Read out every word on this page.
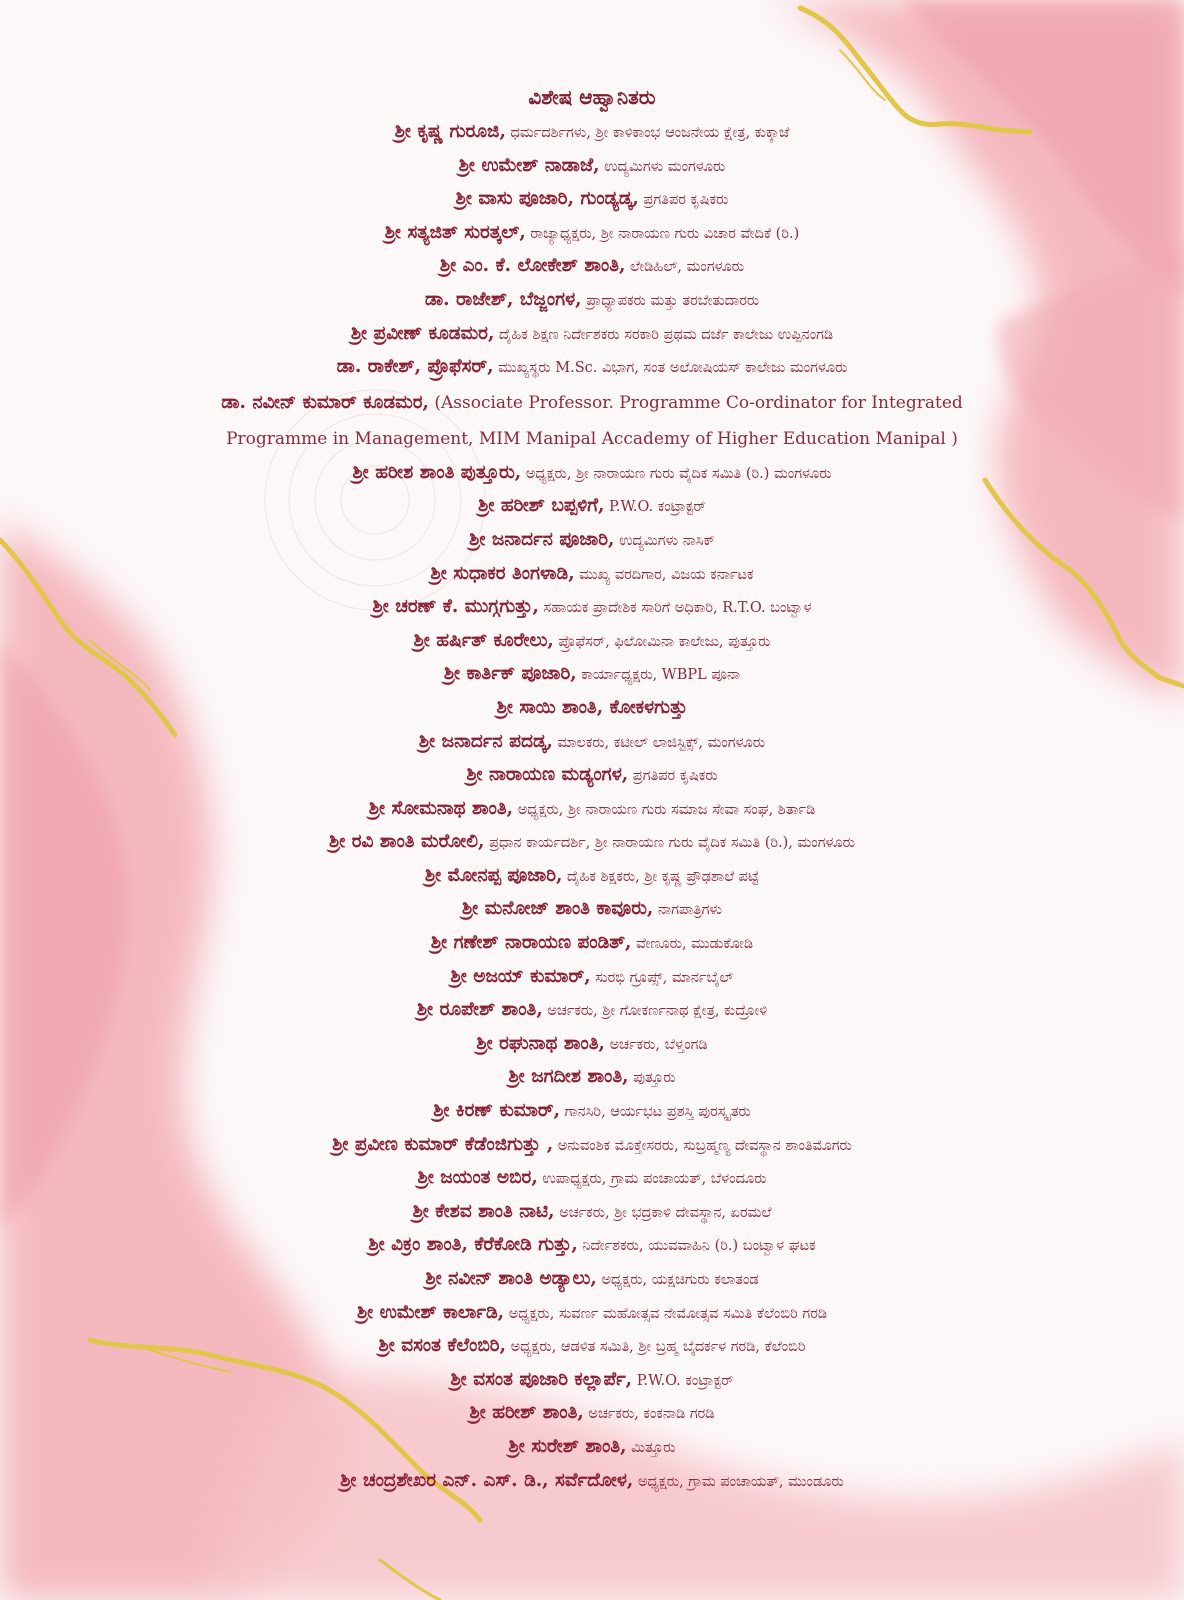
ವಿಶೇಷ ಆಹ್ವಾನಿತರು
ಶ್ರೀ ಕೃಷ್ಣ ಗುರೂಜಿ, ಧರ್ಮದರ್ಶಿಗಳು, ಶ್ರೀ ಕಾಳಿಕಾಂಭ ಆಂಜನೇಯ ಕ್ಷೇತ್ರ, ಕುಕ್ಕಾಜೆ
ಶ್ರೀ ಉಮೇಶ್ ನಾಡಾಜೆ, ಉದ್ಯಮಿಗಳು ಮಂಗಳೂರು
ಶ್ರೀ ವಾಸು ಪೂಜಾರಿ, ಗುಂಡ್ಯಡ್ಕ, ಪ್ರಗತಿಪರ ಕೃಷಿಕರು
ಶ್ರೀ ಸತ್ಯಜಿತ್ ಸುರತ್ಕಲ್, ರಾಜ್ಯಾಧ್ಯಕ್ಷರು, ಶ್ರೀ ನಾರಾಯಣ ಗುರು ವಿಚಾರ ವೇದಿಕೆ (ರಿ.)
ಶ್ರೀ ಎಂ. ಕೆ. ಲೋಕೇಶ್ ಶಾಂತಿ, ಲೇಡಿಹಿಲ್, ಮಂಗಳೂರು
ಡಾ. ರಾಜೇಶ್, ಬೆಜ್ಜಂಗಳ, ಪ್ರಾಧ್ಯಾಪಕರು ಮತ್ತು ತರಬೇತುದಾರರು
ಶ್ರೀ ಪ್ರವೀಣ್ ಕೂಡಮರ, ದೈಹಿಕ ಶಿಕ್ಷಣ ನಿರ್ದೇಶಕರು ಸರಕಾರಿ ಪ್ರಥಮ ದರ್ಜೆ ಕಾಲೇಜು ಉಪ್ಪಿನಂಗಡಿ
ಡಾ. ರಾಕೇಶ್, ಪ್ರೊಫೆಸರ್, ಮುಖ್ಯಸ್ಥರು M.Sc. ವಿಭಾಗ, ಸಂತ ಅಲೋಷಿಯಸ್ ಕಾಲೇಜು ಮಂಗಳೂರು
ಡಾ. ನವೀನ್ ಕುಮಾರ್ ಕೂಡಮರ, (Associate Professor. Programme Co-ordinator for Integrated Programme in Management, MIM Manipal Accademy of Higher Education Manipal )
ಶ್ರೀ ಹರೀಶ ಶಾಂತಿ ಪುತ್ತೂರು, ಅಧ್ಯಕ್ಷರು, ಶ್ರೀ ನಾರಾಯಣ ಗುರು ವೈದಿಕ ಸಮಿತಿ (ರಿ.) ಮಂಗಳೂರು
ಶ್ರೀ ಹರೀಶ್ ಬಪ್ಪಳಿಗೆ, P.W.O. ಕಂಟ್ರಾಕ್ಟರ್
ಶ್ರೀ ಜನಾರ್ದನ ಪೂಜಾರಿ, ಉದ್ಯಮಿಗಳು ನಾಸಿಕ್
ಶ್ರೀ ಸುಧಾಕರ ತಿಂಗಳಾಡಿ, ಮುಖ್ಯ ವರದಿಗಾರ, ವಿಜಯ ಕರ್ನಾಟಕ
ಶ್ರೀ ಚರಣ್ ಕೆ. ಮುಗ್ಗಗುತ್ತು, ಸಹಾಯಕ ಪ್ರಾದೇಶಿಕ ಸಾರಿಗೆ ಅಧಿಕಾರಿ, R.T.O. ಬಂಟ್ವಾಳ
ಶ್ರೀ ಹರ್ಷಿತ್ ಕೂರೇಲು, ಪ್ರೊಫೆಸರ್, ಫಿಲೋಮಿನಾ ಕಾಲೇಜು, ಪುತ್ತೂರು
ಶ್ರೀ ಕಾರ್ತಿಕ್ ಪೂಜಾರಿ, ಕಾರ್ಯಾಧ್ಯಕ್ಷರು, WBPL ಪೂನಾ
ಶ್ರೀ ಸಾಯಿ ಶಾಂತಿ, ಕೋಕಳಗುತ್ತು
ಶ್ರೀ ಜನಾರ್ದನ ಪದಡ್ಕ, ಮಾಲಕರು, ಕಟೀಲ್ ಲಾಜಿಸ್ಟಿಕ್ಸ್, ಮಂಗಳೂರು
ಶ್ರೀ ನಾರಾಯಣ ಮಡ್ಯಂಗಳ, ಪ್ರಗತಿಪರ ಕೃಷಿಕರು
ಶ್ರೀ ಸೋಮನಾಥ ಶಾಂತಿ, ಅಧ್ಯಕ್ಷರು, ಶ್ರೀ ನಾರಾಯಣ ಗುರು ಸಮಾಜ ಸೇವಾ ಸಂಘ, ಶಿರ್ತಾಡಿ
ಶ್ರೀ ರವಿ ಶಾಂತಿ ಮರೋಲಿ, ಪ್ರಧಾನ ಕಾರ್ಯದರ್ಶಿ, ಶ್ರೀ ನಾರಾಯಣ ಗುರು ವೈದಿಕ ಸಮಿತಿ (ರಿ.), ಮಂಗಳೂರು
ಶ್ರೀ ಮೋನಪ್ಪ ಪೂಜಾರಿ, ದೈಹಿಕ ಶಿಕ್ಷಕರು, ಶ್ರೀ ಕೃಷ್ಣ ಪ್ರೌಢಶಾಲೆ ಪಟ್ಟೆ
ಶ್ರೀ ಮನೋಜ್ ಶಾಂತಿ ಕಾವೂರು, ನಾಗಪಾತ್ರಿಗಳು
ಶ್ರೀ ಗಣೇಶ್ ನಾರಾಯಣ ಪಂಡಿತ್, ವೇಣೂರು, ಮುಡುಕೋಡಿ
ಶ್ರೀ ಅಜಯ್ ಕುಮಾರ್, ಸುರಭಿ ಗ್ರೂಪ್ಸ್, ಮಾರ್ನಬೈಲ್
ಶ್ರೀ ರೂಪೇಶ್ ಶಾಂತಿ, ಅರ್ಚಕರು, ಶ್ರೀ ಗೋಕರ್ಣನಾಥ ಕ್ಷೇತ್ರ, ಕುದ್ರೋಳಿ
ಶ್ರೀ ರಘುನಾಥ ಶಾಂತಿ, ಅರ್ಚಕರು, ಬೆಳ್ತಂಗಡಿ
ಶ್ರೀ ಜಗದೀಶ ಶಾಂತಿ, ಪುತ್ತೂರು
ಶ್ರೀ ಕಿರಣ್ ಕುಮಾರ್, ಗಾನಸಿರಿ, ಆರ್ಯಭಟ ಪ್ರಶಸ್ತಿ ಪುರಸ್ಕೃತರು
ಶ್ರೀ ಪ್ರವೀಣ ಕುಮಾರ್ ಕೆಡೆಂಜಿಗುತ್ತು , ಅನುವಂಶಿಕ ಮೊಕ್ತೇಸರರು, ಸುಬ್ರಹ್ಮಣ್ಯ ದೇವಸ್ಥಾನ ಶಾಂತಿಮೊಗರು
ಶ್ರೀ ಜಯಂತ ಅಬಿರ, ಉಪಾಧ್ಯಕ್ಷರು, ಗ್ರಾಮ ಪಂಚಾಯತ್, ಬೆಳಂದೂರು
ಶ್ರೀ ಕೇಶವ ಶಾಂತಿ ನಾಟಿ, ಅರ್ಚಕರು, ಶ್ರೀ ಭದ್ರಕಾಳಿ ದೇವಸ್ಥಾನ, ಏರಮಲೆ
ಶ್ರೀ ವಿಕ್ರಂ ಶಾಂತಿ, ಕೆರೆಕೋಡಿ ಗುತ್ತು, ನಿರ್ದೇಶಕರು, ಯುವವಾಹಿನಿ (ರಿ.) ಬಂಟ್ವಾಳ ಘಟಕ
ಶ್ರೀ ನವೀನ್ ಶಾಂತಿ ಅಡ್ಯಾಲು, ಅಧ್ಯಕ್ಷರು, ಯಕ್ಷಚಿಗುರು ಕಲಾತಂಡ
ಶ್ರೀ ಉಮೇಶ್ ಕಾರ್ಲಾಡಿ, ಅಧ್ಯಕ್ಷರು, ಸುವರ್ಣ ಮಹೋತ್ಸವ ನೇಮೋತ್ಸವ ಸಮಿತಿ ಕೆಲೆಂಬಿರಿ ಗರಡಿ
ಶ್ರೀ ವಸಂತ ಕೆಲೆಂಬಿರಿ, ಅಧ್ಯಕ್ಷರು, ಆಡಳಿತ ಸಮಿತಿ, ಶ್ರೀ ಬ್ರಹ್ಮ ಬೈದರ್ಕಳ ಗರಡಿ, ಕೆಲೆಂಬಿರಿ
ಶ್ರೀ ವಸಂತ ಪೂಜಾರಿ ಕಲ್ಲಾರ್ಪೆ, P.W.O. ಕಂಟ್ರಾಕ್ಟರ್
ಶ್ರೀ ಹರೀಶ್ ಶಾಂತಿ, ಅರ್ಚಕರು, ಕಂಕನಾಡಿ ಗರಡಿ
ಶ್ರೀ ಸುರೇಶ್ ಶಾಂತಿ, ಮಿತ್ತೂರು
ಶ್ರೀ ಚಂದ್ರಶೇಖರ ಎನ್. ಎಸ್. ಡಿ., ಸರ್ವೆದೋಳ, ಅಧ್ಯಕ್ಷರು, ಗ್ರಾಮ ಪಂಚಾಯತ್, ಮುಂಡೂರು
